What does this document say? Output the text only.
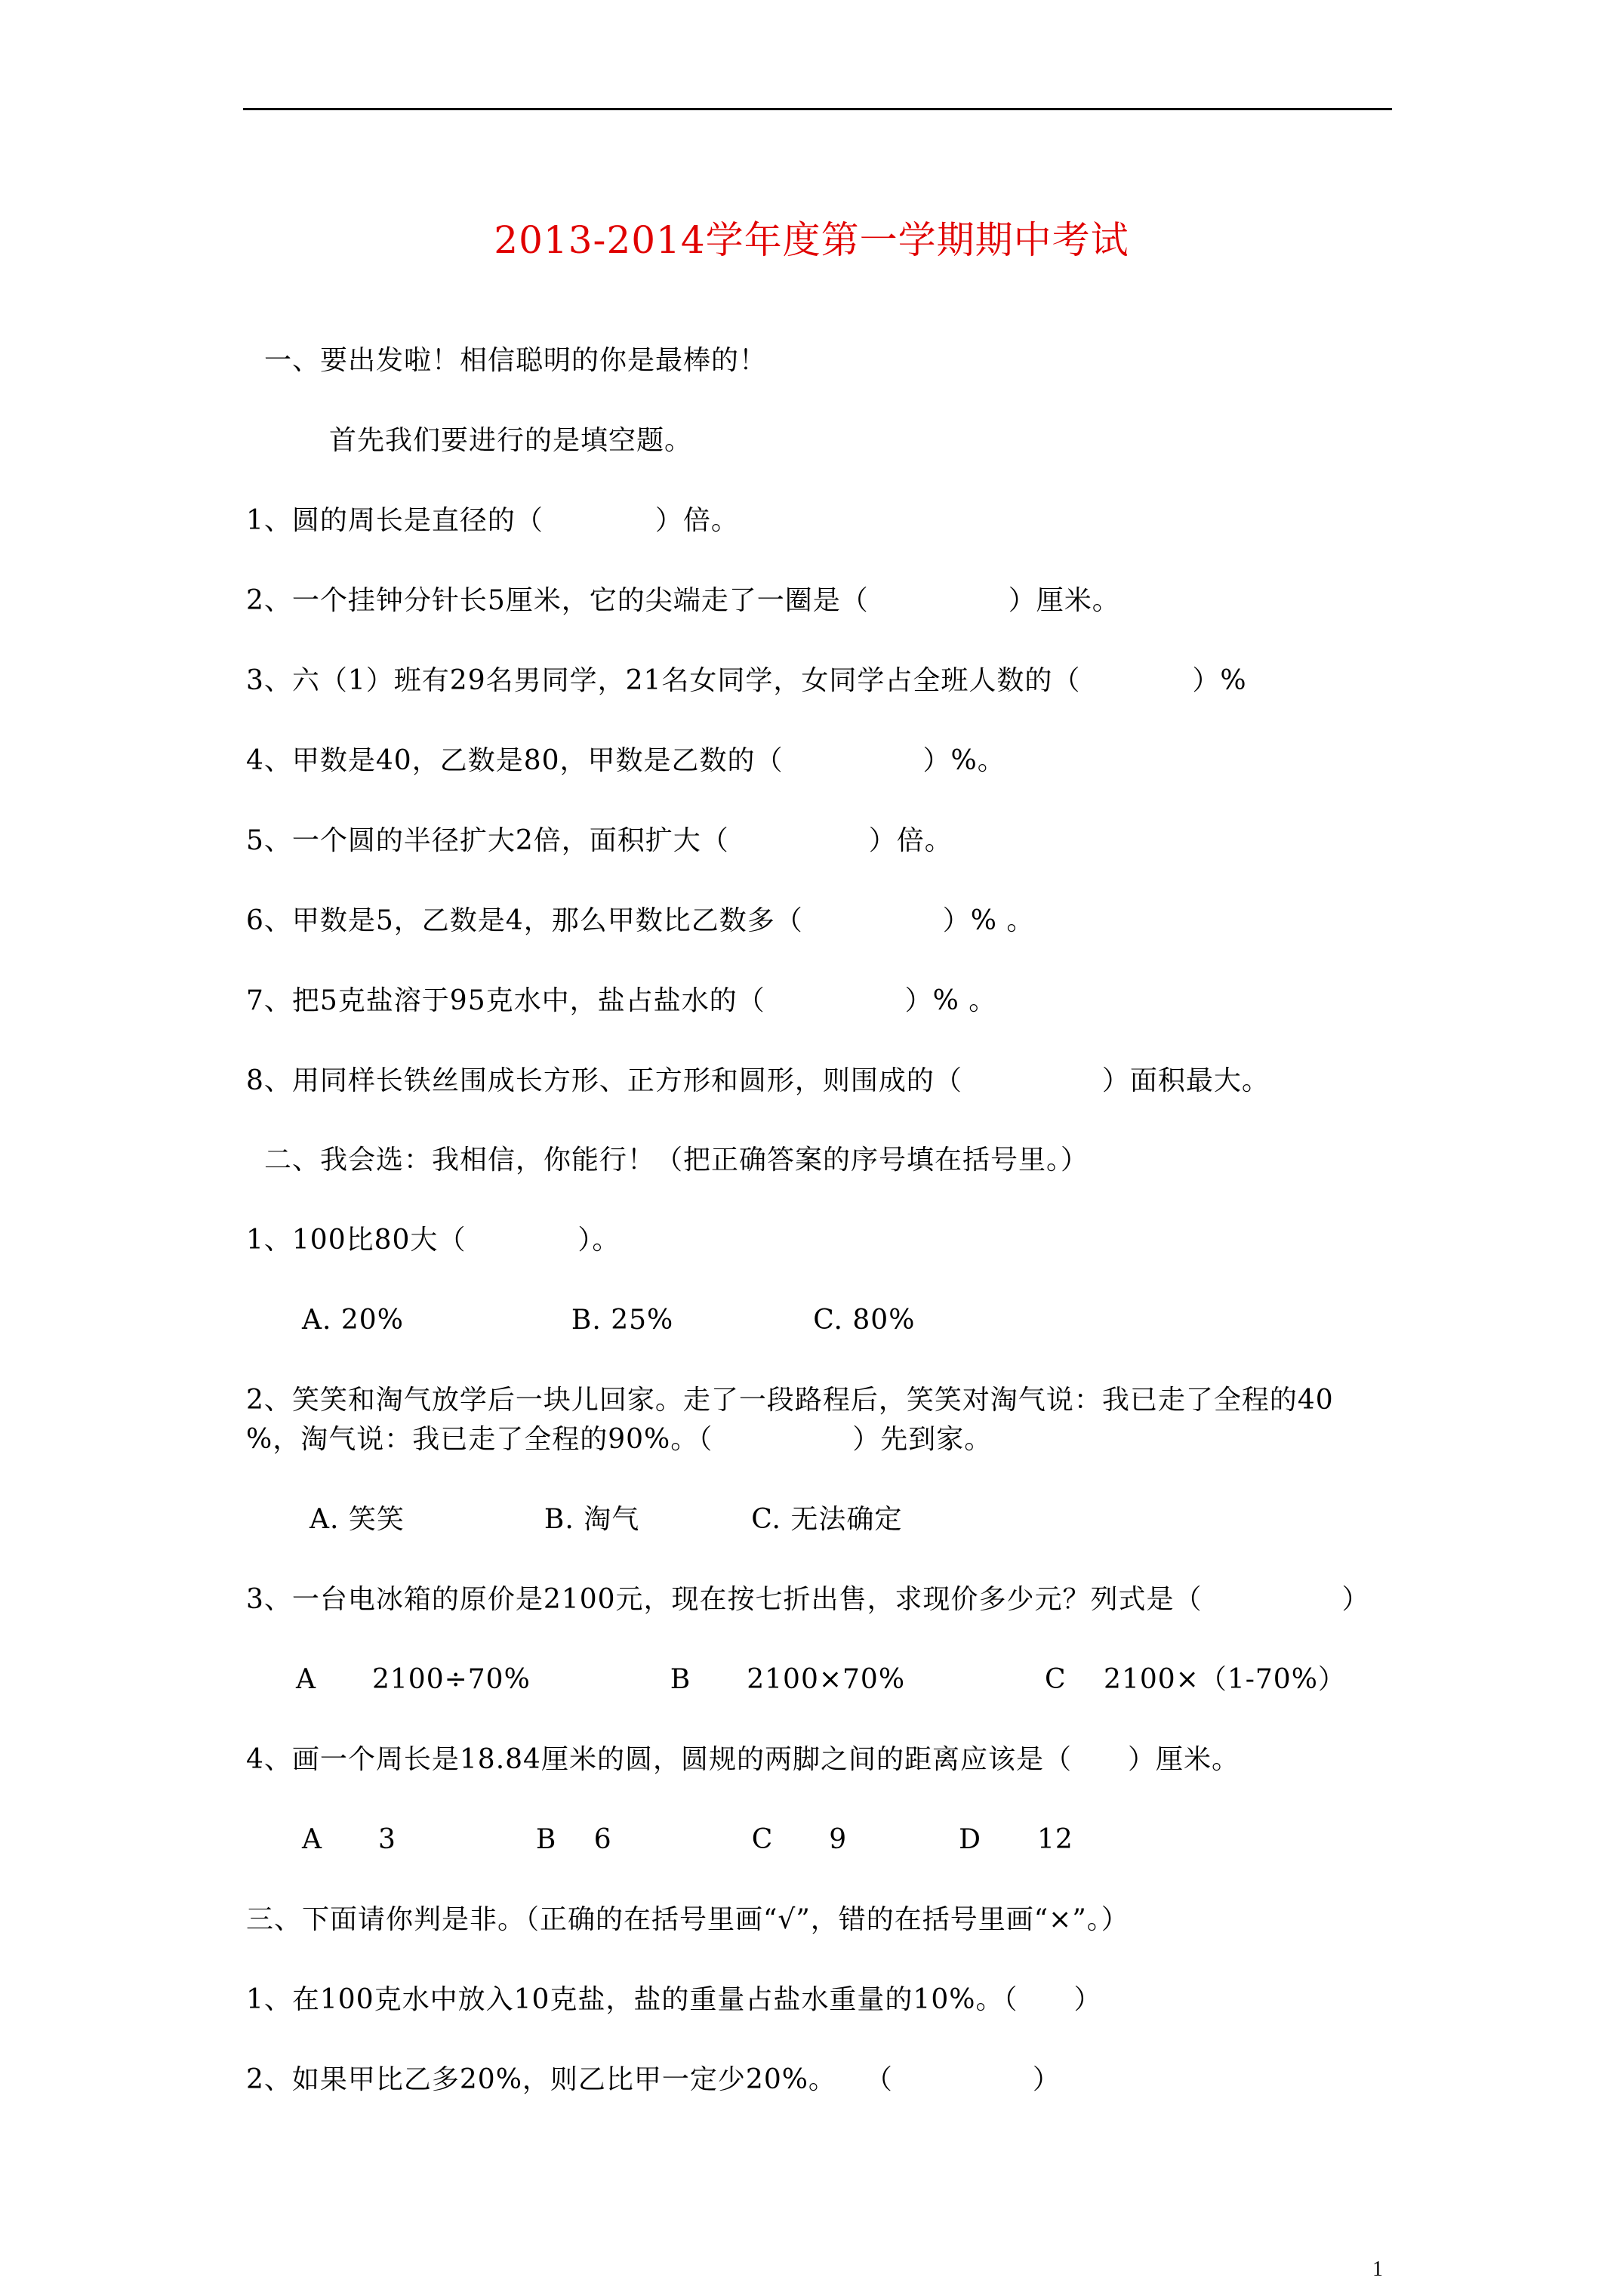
2013-2014学年度第一学期期中考试
一、要出发啦！相信聪明的你是最棒的！
首先我们要进行的是填空题。
1、圆的周长是直径的（　　　　）倍。
2、一个挂钟分针长5厘米，它的尖端走了一圈是（　　　　　）厘米。
3、六（1）班有29名男同学，21名女同学，女同学占全班人数的（　　　　）%
4、甲数是40，乙数是80，甲数是乙数的（　　　　　）%。
5、一个圆的半径扩大2倍，面积扩大（　　　　　）倍。
6、甲数是5，乙数是4，那么甲数比乙数多（　　　　　）% 。
7、把5克盐溶于95克水中，盐占盐水的（　　　　　）% 。
8、用同样长铁丝围成长方形、正方形和圆形，则围成的（　　　　　）面积最大。
二、我会选：我相信，你能行！（把正确答案的序号填在括号里。）
1、100比80大（　　　　）。
A. 20%　　　　　　B. 25%　　　　　C. 80%
2、笑笑和淘气放学后一块儿回家。走了一段路程后，笑笑对淘气说：我已走了全程的40
%，淘气说：我已走了全程的90%。（　　　　　）先到家。
A. 笑笑　　　　　B. 淘气　　　　C. 无法确定
3、一台电冰箱的原价是2100元，现在按七折出售，求现价多少元？列式是（　　　　　）
A　　2100÷70%　　　　　B　　2100×70%　　　　　C　 2100×（1-70%）
4、画一个周长是18.84厘米的圆，圆规的两脚之间的距离应该是（　　）厘米。
A　　3　　　　　B　 6　　　　　C　　9　　　　D　　12
三、下面请你判是非。（正确的在括号里画“√”，错的在括号里画“×”。）
1、在100克水中放入10克盐，盐的重量占盐水重量的10%。（　　）
2、如果甲比乙多20%，则乙比甲一定少20%。　　（　　　　　）
1
